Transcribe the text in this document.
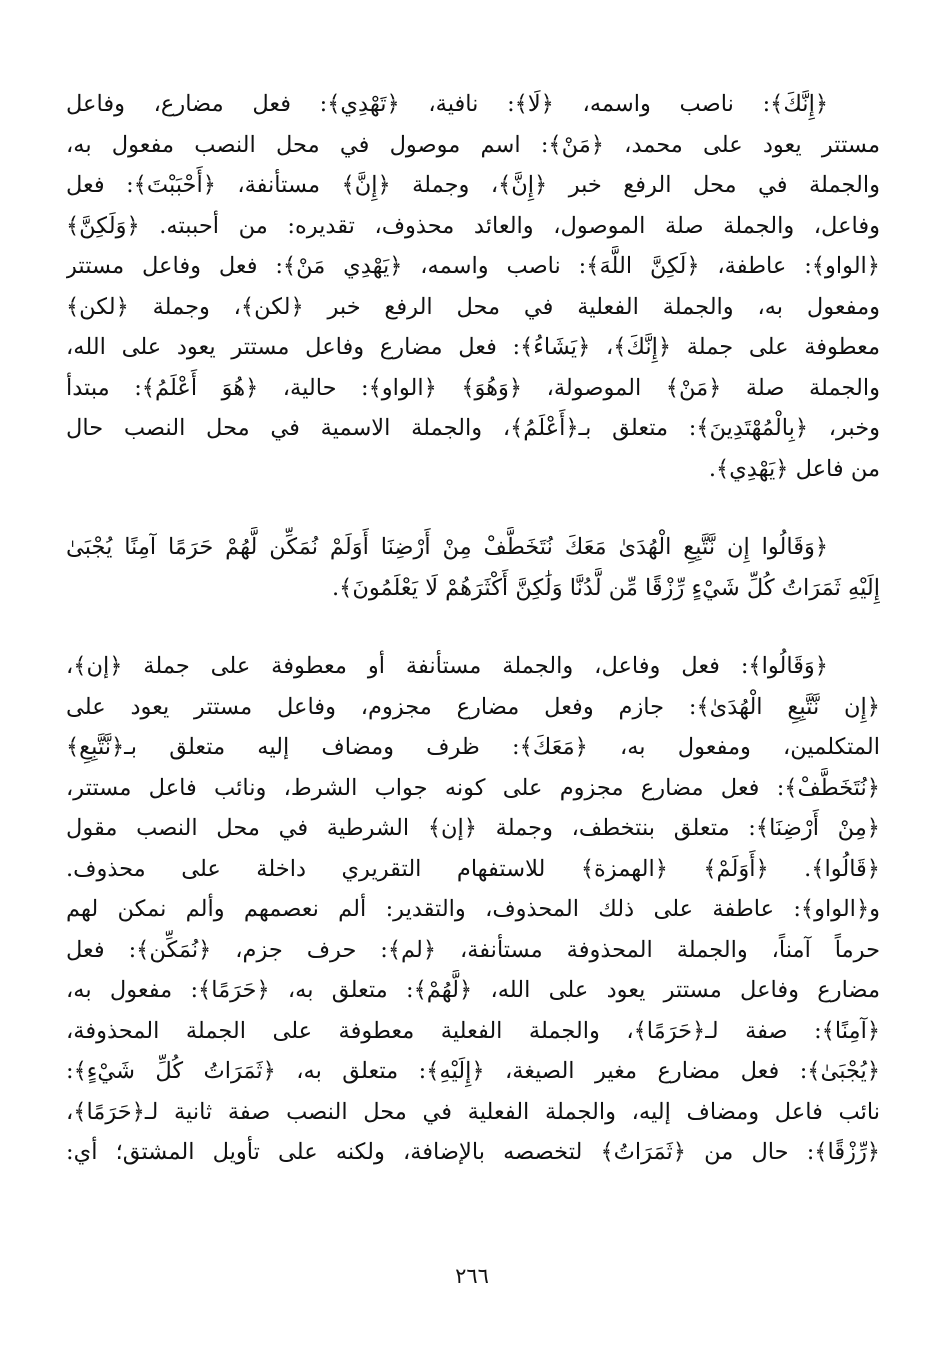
﴿إِنَّكَ﴾: ناصب واسمه، ﴿لَا﴾: نافية، ﴿تَهْدِي﴾: فعل مضارع، وفاعل
مستتر يعود على محمد، ﴿مَنْ﴾: اسم موصول في محل النصب مفعول به،
والجملة في محل الرفع خبر ﴿إِنَّ﴾، وجملة ﴿إِنَّ﴾ مستأنفة، ﴿أَحْبَبْتَ﴾: فعل
وفاعل، والجملة صلة الموصول، والعائد محذوف، تقديره: من أحببته. ﴿وَلَكِنَّ﴾
﴿الواو﴾: عاطفة، ﴿لَكِنَّ اللَّهَ﴾: ناصب واسمه، ﴿يَهْدِي مَنْ﴾: فعل وفاعل مستتر
ومفعول به، والجملة الفعلية في محل الرفع خبر ﴿لكن﴾، وجملة ﴿لكن﴾
معطوفة على جملة ﴿إِنَّكَ﴾، ﴿يَشَاءُ﴾: فعل مضارع وفاعل مستتر يعود على الله،
والجملة صلة ﴿مَنْ﴾ الموصولة، ﴿وَهُوَ﴾ ﴿الواو﴾: حالية، ﴿هُوَ أَعْلَمُ﴾: مبتدأ
وخبر، ﴿بِالْمُهْتَدِينَ﴾: متعلق بـ﴿أَعْلَمُ﴾، والجملة الاسمية في محل النصب حال
من فاعل ﴿يَهْدِي﴾.
﴿وَقَالُوا إِن نَّتَّبِعِ الْهُدَىٰ مَعَكَ نُتَخَطَّفْ مِنْ أَرْضِنَا أَوَلَمْ نُمَكِّن لَّهُمْ حَرَمًا آمِنًا يُجْبَىٰ
إِلَيْهِ ثَمَرَاتُ كُلِّ شَيْءٍ رِّزْقًا مِّن لَّدُنَّا وَلَٰكِنَّ أَكْثَرَهُمْ لَا يَعْلَمُونَ﴾.
﴿وَقَالُوا﴾: فعل وفاعل، والجملة مستأنفة أو معطوفة على جملة ﴿إن﴾،
﴿إِن نَّتَّبِعِ الْهُدَىٰ﴾: جازم وفعل مضارع مجزوم، وفاعل مستتر يعود على
المتكلمين، ومفعول به، ﴿مَعَكَ﴾: ظرف ومضاف إليه متعلق بـ﴿نَّتَّبِعِ﴾
﴿نُتَخَطَّفْ﴾: فعل مضارع مجزوم على كونه جواب الشرط، ونائب فاعل مستتر،
﴿مِنْ أَرْضِنَا﴾: متعلق بنتخطف، وجملة ﴿إن﴾ الشرطية في محل النصب مقول
﴿قَالُوا﴾. ﴿أَوَلَمْ﴾ ﴿الهمزة﴾ للاستفهام التقريري داخلة على محذوف.
و﴿الواو﴾: عاطفة على ذلك المحذوف، والتقدير: ألم نعصمهم وألم نمكن لهم
حرماً آمناً، والجملة المحذوفة مستأنفة، ﴿لم﴾: حرف جزم، ﴿نُمَكِّن﴾: فعل
مضارع وفاعل مستتر يعود على الله، ﴿لَّهُمْ﴾: متعلق به، ﴿حَرَمًا﴾: مفعول به،
﴿آمِنًا﴾: صفة لـ﴿حَرَمًا﴾، والجملة الفعلية معطوفة على الجملة المحذوفة،
﴿يُجْبَىٰ﴾: فعل مضارع مغير الصيغة، ﴿إِلَيْهِ﴾: متعلق به، ﴿ثَمَرَاتُ كُلِّ شَيْءٍ﴾:
نائب فاعل ومضاف إليه، والجملة الفعلية في محل النصب صفة ثانية لـ﴿حَرَمًا﴾،
﴿رِّزْقًا﴾: حال من ﴿ثَمَرَاتُ﴾ لتخصصه بالإضافة، ولكنه على تأويل المشتق؛ أي:
٢٦٦
